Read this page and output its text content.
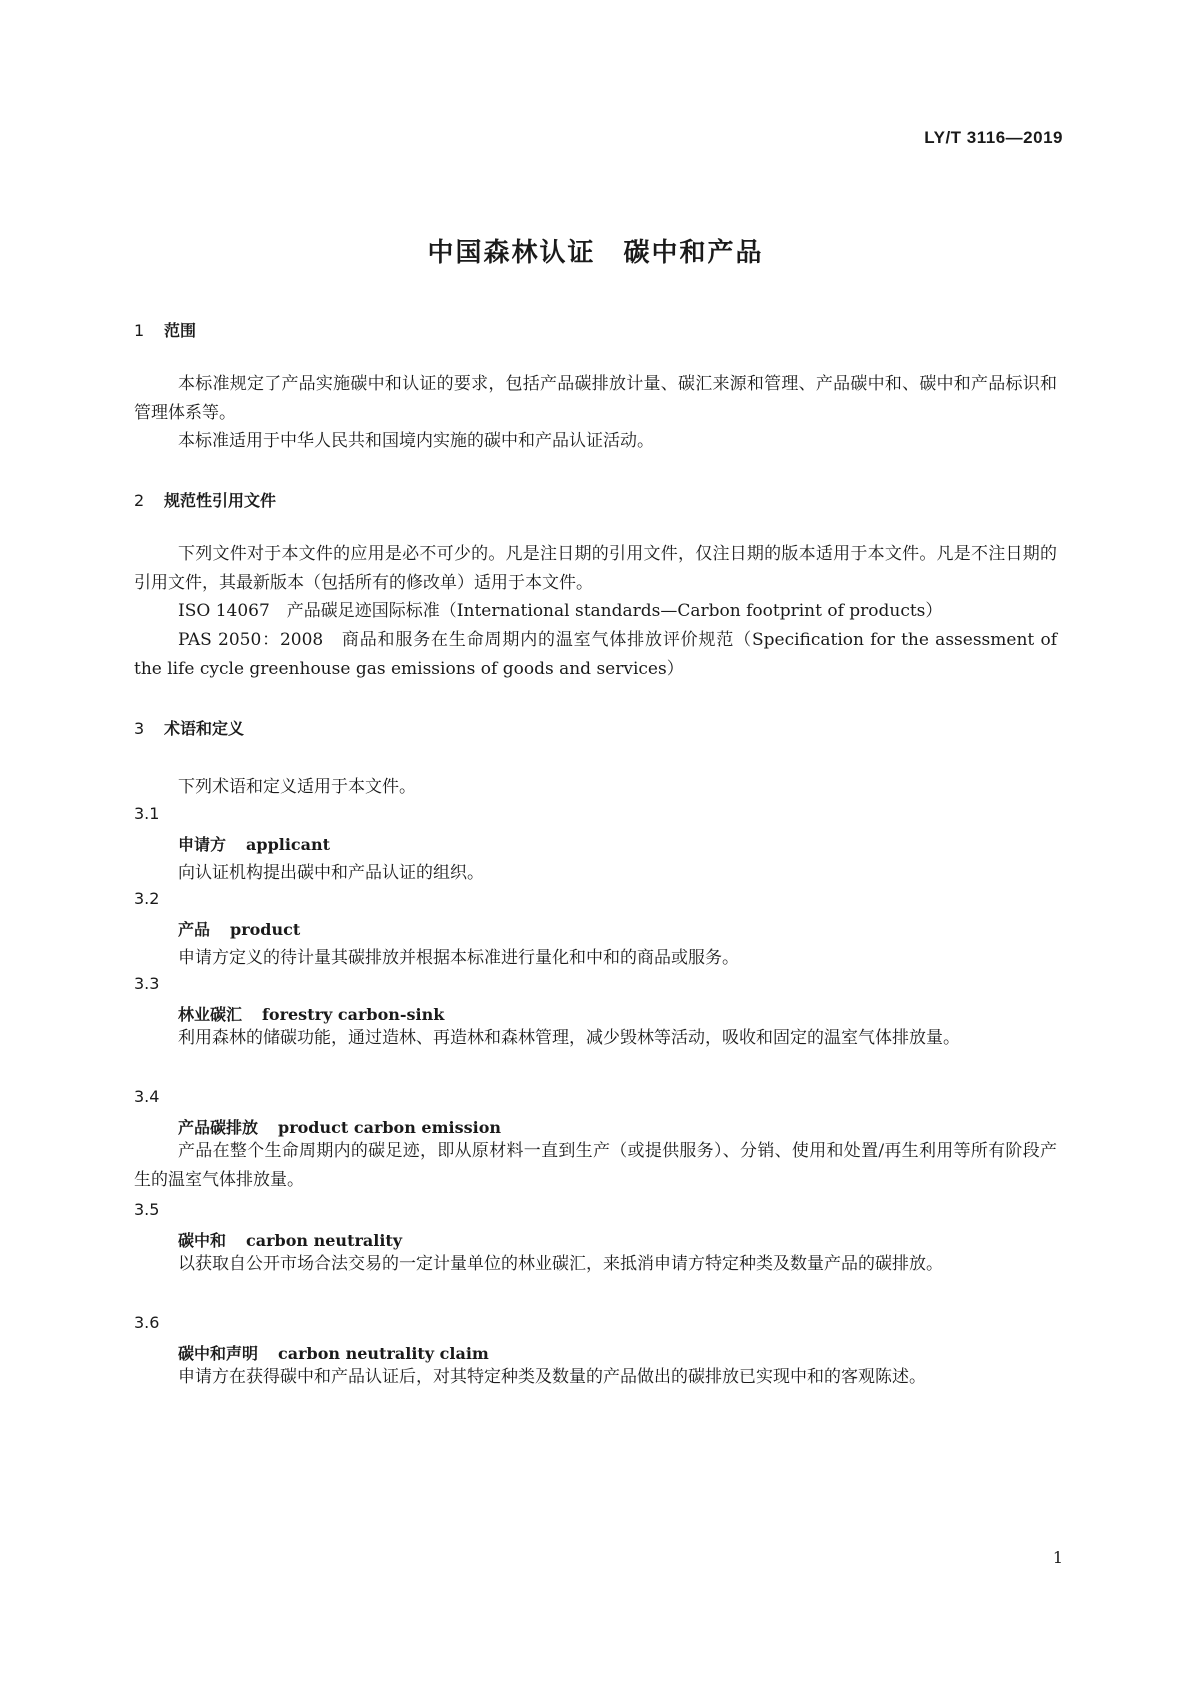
LY/T 3116—2019
中国森林认证　碳中和产品
1 范围
本标准规定了产品实施碳中和认证的要求，包括产品碳排放计量、碳汇来源和管理、产品碳中和、碳中和产品标识和管理体系等。
本标准适用于中华人民共和国境内实施的碳中和产品认证活动。
2 规范性引用文件
下列文件对于本文件的应用是必不可少的。凡是注日期的引用文件，仅注日期的版本适用于本文件。凡是不注日期的引用文件，其最新版本（包括所有的修改单）适用于本文件。
ISO 14067　产品碳足迹国际标准（International standards—Carbon footprint of products）
PAS 2050：2008　商品和服务在生命周期内的温室气体排放评价规范（Specification for the assessment of the life cycle greenhouse gas emissions of goods and services）
3 术语和定义
下列术语和定义适用于本文件。
3.1
申请方 applicant
向认证机构提出碳中和产品认证的组织。
3.2
产品 product
申请方定义的待计量其碳排放并根据本标准进行量化和中和的商品或服务。
3.3
林业碳汇 forestry carbon-sink
利用森林的储碳功能，通过造林、再造林和森林管理，减少毁林等活动，吸收和固定的温室气体排放量。
3.4
产品碳排放 product carbon emission
产品在整个生命周期内的碳足迹，即从原材料一直到生产（或提供服务）、分销、使用和处置/再生利用等所有阶段产生的温室气体排放量。
3.5
碳中和 carbon neutrality
以获取自公开市场合法交易的一定计量单位的林业碳汇，来抵消申请方特定种类及数量产品的碳排放。
3.6
碳中和声明 carbon neutrality claim
申请方在获得碳中和产品认证后，对其特定种类及数量的产品做出的碳排放已实现中和的客观陈述。
1
